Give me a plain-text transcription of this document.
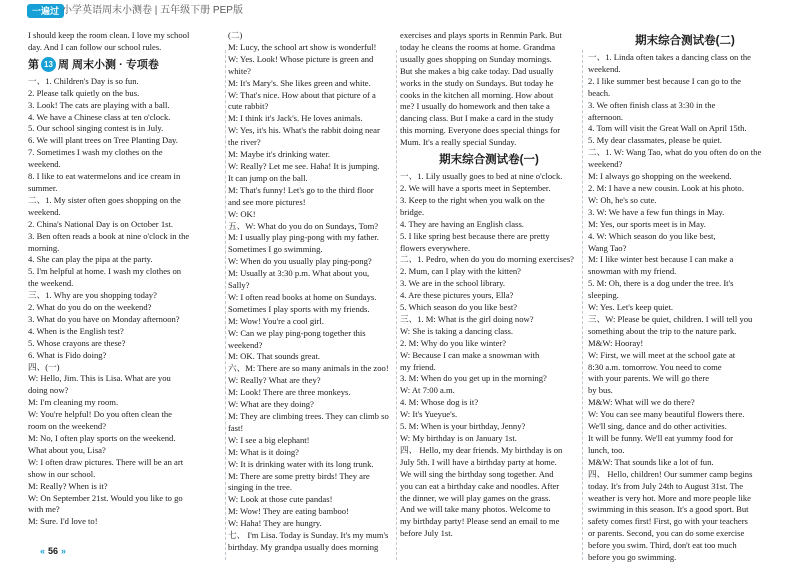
一遍过 小学英语周末小测卷 | 五年级下册 PEP版
I should keep the room clean. I love my school
day. And I can follow our school rules.
第 13 周 周末小测 · 专项卷
一、1. Children's Day is so fun.
2. Please talk quietly on the bus.
3. Look! The cats are playing with a ball.
4. We have a Chinese class at ten o'clock.
5. Our school singing contest is in July.
6. We will plant trees on Tree Planting Day.
7. Sometimes I wash my clothes on the
weekend.
8. I like to eat watermelons and ice cream in
summer.
二、1. My sister often goes shopping on the
weekend.
2. China's National Day is on October 1st.
3. Ben often reads a book at nine o'clock in the
morning.
4. She can play the pipa at the party.
5. I'm helpful at home. I wash my clothes on
the weekend.
三、1. Why are you shopping today?
2. What do you do on the weekend?
3. What do you have on Monday afternoon?
4. When is the English test?
5. Whose crayons are these?
6. What is Fido doing?
四、(一)
W: Hello, Jim. This is Lisa. What are you
doing now?
M: I'm cleaning my room.
W: You're helpful! Do you often clean the
room on the weekend?
M: No, I often play sports on the weekend.
What about you, Lisa?
W: I often draw pictures. There will be an art
show in our school.
M: Really? When is it?
W: On September 21st. Would you like to go
with me?
M: Sure. I'd love to!
(二)
M: Lucy, the school art show is wonderful!
W: Yes. Look! Whose picture is green and
white?
M: It's Mary's. She likes green and white.
W: That's nice. How about that picture of a
cute rabbit?
M: I think it's Jack's. He loves animals.
W: Yes, it's his. What's the rabbit doing near
the river?
M: Maybe it's drinking water.
W: Really? Let me see. Haha! It is jumping.
It can jump on the ball.
M: That's funny! Let's go to the third floor
and see more pictures!
W: OK!
五、W: What do you do on Sundays, Tom?
M: I usually play ping-pong with my father.
Sometimes I go swimming.
W: When do you usually play ping-pong?
M: Usually at 3:30 p.m. What about you,
Sally?
W: I often read books at home on Sundays.
Sometimes I play sports with my friends.
M: Wow! You're a cool girl.
W: Can we play ping-pong together this
weekend?
M: OK. That sounds great.
六、M: There are so many animals in the zoo!
W: Really? What are they?
M: Look! There are three monkeys.
W: What are they doing?
M: They are climbing trees. They can climb so
fast!
W: I see a big elephant!
M: What is it doing?
W: It is drinking water with its long trunk.
M: There are some pretty birds! They are
singing in the tree.
W: Look at those cute pandas!
M: Wow! They are eating bamboo!
W: Haha! They are hungry.
七、 I'm Lisa. Today is Sunday. It's my mum's
birthday. My grandpa usually does morning
exercises and plays sports in Renmin Park. But
today he cleans the rooms at home. Grandma
usually goes shopping on Sunday mornings.
But she makes a big cake today. Dad usually
works in the study on Sundays. But today he
cooks in the kitchen all morning. How about
me? I usually do homework and then take a
dancing class. But I make a card in the study
this morning. Everyone does special things for
Mum. It's a really special Sunday.
期末综合测试卷(一)
一、1. Lily usually goes to bed at nine o'clock.
2. We will have a sports meet in September.
3. Keep to the right when you walk on the
bridge.
4. They are having an English class.
5. I like spring best because there are pretty
flowers everywhere.
二、1. Pedro, when do you do morning exercises?
2. Mum, can I play with the kitten?
3. We are in the school library.
4. Are these pictures yours, Ella?
5. Which season do you like best?
三、1. M: What is the girl doing now?
W: She is taking a dancing class.
2. M: Why do you like winter?
W: Because I can make a snowman with
my friend.
3. M: When do you get up in the morning?
W: At 7:00 a.m.
4. M: Whose dog is it?
W: It's Yueyue's.
5. M: When is your birthday, Jenny?
W: My birthday is on January 1st.
四、 Hello, my dear friends. My birthday is on
July 5th. I will have a birthday party at home.
We will sing the birthday song together. And
you can eat a birthday cake and noodles. After
the dinner, we will play games on the grass.
And we will take many photos. Welcome to
my birthday party! Please send an email to me
before July 1st.
期末综合测试卷(二)
一、1. Linda often takes a dancing class on the
weekend.
2. I like summer best because I can go to the
beach.
3. We often finish class at 3:30 in the
afternoon.
4. Tom will visit the Great Wall on April 15th.
5. My dear classmates, please be quiet.
二、1. W: Wang Tao, what do you often do on the
weekend?
M: I always go shopping on the weekend.
2. M: I have a new cousin. Look at his photo.
W: Oh, he's so cute.
3. W: We have a few fun things in May.
M: Yes, our sports meet is in May.
4. W: Which season do you like best,
Wang Tao?
M: I like winter best because I can make a
snowman with my friend.
5. M: Oh, there is a dog under the tree. It's
sleeping.
W: Yes. Let's keep quiet.
三、W: Please be quiet, children. I will tell you
something about the trip to the nature park.
M&W: Hooray!
W: First, we will meet at the school gate at
8:30 a.m. tomorrow. You need to come
with your parents. We will go there
by bus.
M&W: What will we do there?
W: You can see many beautiful flowers there.
We'll sing, dance and do other activities.
It will be funny. We'll eat yummy food for
lunch, too.
M&W: That sounds like a lot of fun.
四、 Hello, children! Our summer camp begins
today. It's from July 24th to August 31st. The
weather is very hot. More and more people like
swimming in this season. It's a good sport. But
safety comes first! First, go with your teachers
or parents. Second, you can do some exercise
before you swim. Third, don't eat too much
before you go swimming.
« 56 »
